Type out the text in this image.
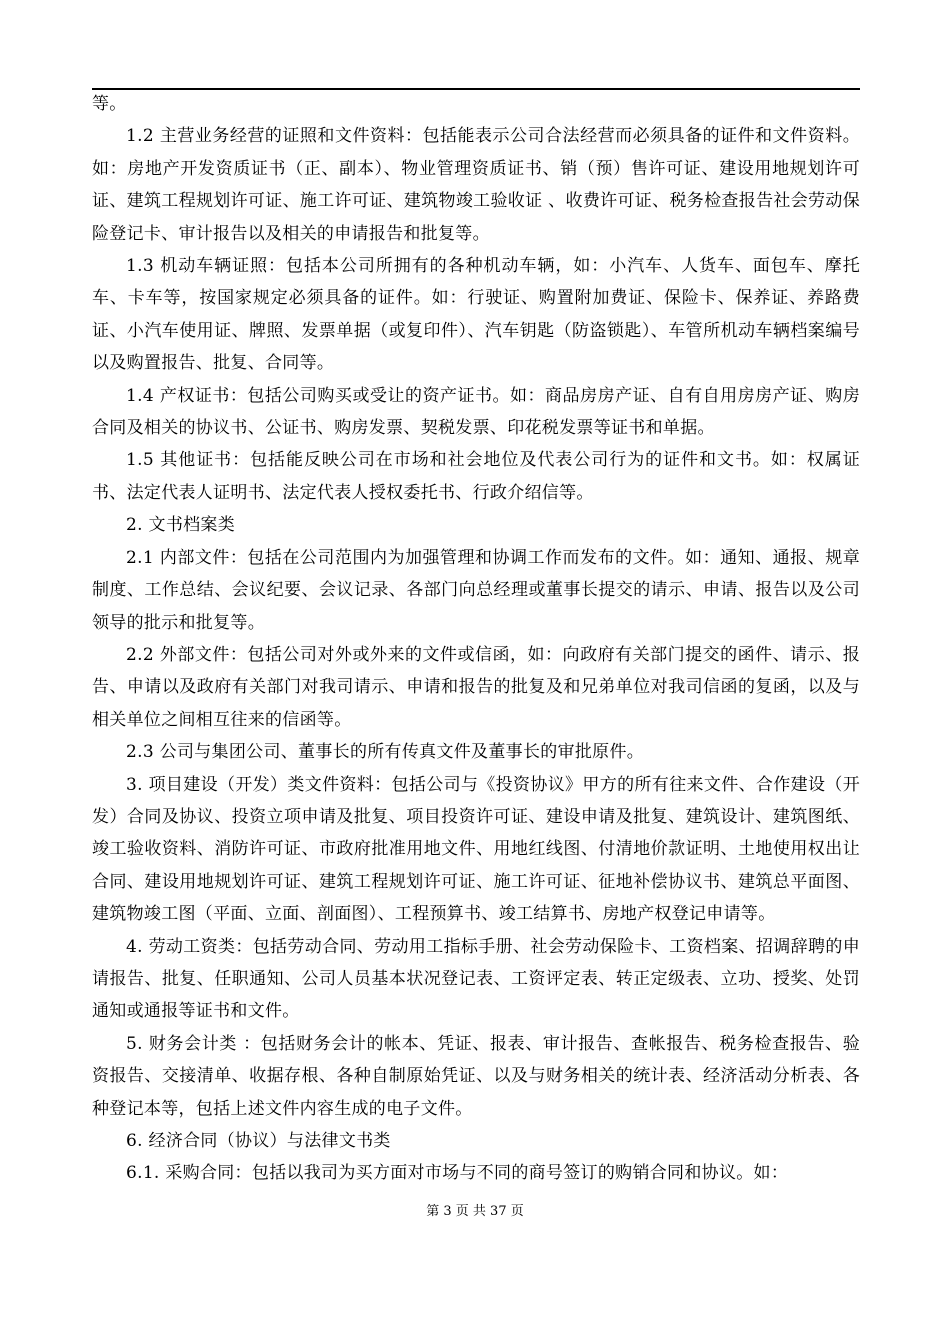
等。

1.2 主营业务经营的证照和文件资料：包括能表示公司合法经营而必须具备的证件和文件资料。如：房地产开发资质证书（正、副本）、物业管理资质证书、销（预）售许可证、建设用地规划许可证、建筑工程规划许可证、施工许可证、建筑物竣工验收证 、收费许可证、税务检查报告社会劳动保险登记卡、审计报告以及相关的申请报告和批复等。

1.3 机动车辆证照：包括本公司所拥有的各种机动车辆，如：小汽车、人货车、面包车、摩托车、卡车等，按国家规定必须具备的证件。如：行驶证、购置附加费证、保险卡、保养证、养路费证、小汽车使用证、牌照、发票单据（或复印件）、汽车钥匙（防盗锁匙）、车管所机动车辆档案编号以及购置报告、批复、合同等。

1.4 产权证书：包括公司购买或受让的资产证书。如：商品房房产证、自有自用房房产证、购房合同及相关的协议书、公证书、购房发票、契税发票、印花税发票等证书和单据。

1.5 其他证书：包括能反映公司在市场和社会地位及代表公司行为的证件和文书。如：权属证书、法定代表人证明书、法定代表人授权委托书、行政介绍信等。

2. 文书档案类

2.1 内部文件：包括在公司范围内为加强管理和协调工作而发布的文件。如：通知、通报、规章制度、工作总结、会议纪要、会议记录、各部门向总经理或董事长提交的请示、申请、报告以及公司领导的批示和批复等。

2.2 外部文件：包括公司对外或外来的文件或信函，如：向政府有关部门提交的函件、请示、报告、申请以及政府有关部门对我司请示、申请和报告的批复及和兄弟单位对我司信函的复函，以及与相关单位之间相互往来的信函等。

2.3 公司与集团公司、董事长的所有传真文件及董事长的审批原件。

3. 项目建设（开发）类文件资料：包括公司与《投资协议》甲方的所有往来文件、合作建设（开发）合同及协议、投资立项申请及批复、项目投资许可证、建设申请及批复、建筑设计、建筑图纸、竣工验收资料、消防许可证、市政府批准用地文件、用地红线图、付清地价款证明、土地使用权出让合同、建设用地规划许可证、建筑工程规划许可证、施工许可证、征地补偿协议书、建筑总平面图、建筑物竣工图（平面、立面、剖面图）、工程预算书、竣工结算书、房地产权登记申请等。

4. 劳动工资类：包括劳动合同、劳动用工指标手册、社会劳动保险卡、工资档案、招调辞聘的申请报告、批复、任职通知、公司人员基本状况登记表、工资评定表、转正定级表、立功、授奖、处罚通知或通报等证书和文件。

5. 财务会计类 ：包括财务会计的帐本、凭证、报表、审计报告、查帐报告、税务检查报告、验资报告、交接清单、收据存根、各种自制原始凭证、以及与财务相关的统计表、经济活动分析表、各种登记本等，包括上述文件内容生成的电子文件。

6. 经济合同（协议）与法律文书类

6.1. 采购合同：包括以我司为买方面对市场与不同的商号签订的购销合同和协议。如：

第 3 页 共 37 页
